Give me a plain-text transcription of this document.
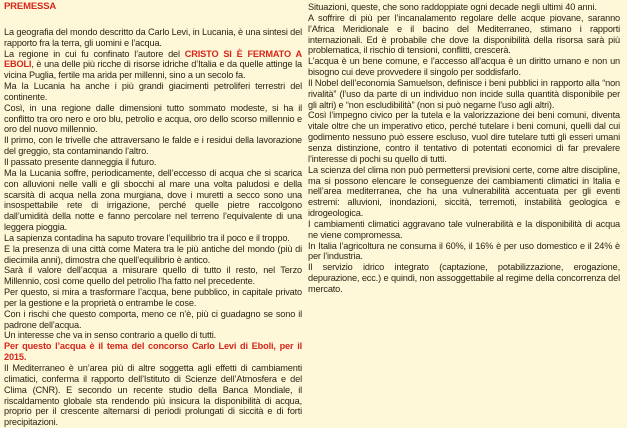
PREMESSA

La geografia del mondo descritto da Carlo Levi, in Lucania, è una sintesi del rapporto fra la terra, gli uomini e l’acqua.

La regione in cui fu confinato l’autore del CRISTO SI È FERMATO A EBOLI, è una delle più ricche di risorse idriche d’Italia e da quelle attinge la vicina Puglia, fertile ma arida per millenni, sino a un secolo fa.

Ma la Lucania ha anche i più grandi giacimenti petroliferi terrestri del continente.

Così, in una regione dalle dimensioni tutto sommato modeste, si ha il conflitto tra oro nero e oro blu, petrolio e acqua, oro dello scorso millennio e oro del nuovo millennio.

Il primo, con le trivelle che attraversano le falde e i residui della lavorazione del greggio, sta contaminando l’altro.

Il passato presente danneggia il futuro.

Ma la Lucania soffre, periodicamente, dell’eccesso di acqua che si scarica con alluvioni nelle valli e gli sbocchi al mare una volta paludosi e della scarsità di acqua nella zona murgiana, dove i muretti a secco sono una insospettabile rete di irrigazione, perché quelle pietre raccolgono dall’umidità della notte e fanno percolare nel terreno l’equivalente di una leggera pioggia.

La sapienza contadina ha saputo trovare l’equilibrio tra il poco e il troppo.

E la presenza di una città come Matera tra le più antiche del mondo (più di diecimila anni), dimostra che quell’equilibrio è antico.

Sarà il valore dell’acqua a misurare quello di tutto il resto, nel Terzo Millennio, così come quello del petrolio l’ha fatto nel precedente.

Per questo, si mira a trasformare l’acqua, bene pubblico, in capitale privato per la gestione e la proprietà o entrambe le cose.

Con i rischi che questo comporta, meno ce n’è, più ci guadagno se sono il padrone dell’acqua.

Un interesse che va in senso contrario a quello di tutti.

Per questo l’acqua è il tema del concorso Carlo Levi di Eboli, per il 2015.

Il Mediterraneo è un’area più di altre soggetta agli effetti di cambiamenti climatici, conferma il rapporto dell’Istituto di Scienze dell’Atmosfera e del Clima (CNR). E secondo un recente studio della Banca Mondiale, il riscaldamento globale sta rendendo più insicura la disponibilità di acqua, proprio per il crescente alternarsi di periodi prolungati di siccità e di forti precipitazioni.

Situazioni, queste, che sono raddoppiate ogni decade negli ultimi 40 anni.

A soffrire di più per l’incanalamento regolare delle acque piovane, saranno l’Africa Meridionale e il bacino del Mediterraneo, stimano i rapporti internazionali. Ed è probabile che dove la disponibilità della risorsa sarà più problematica, il rischio di tensioni, conflitti, crescerà.

L’acqua è un bene comune, e l’accesso all’acqua è un diritto umano e non un bisogno cui deve provvedere il singolo per soddisfarlo.

Il Nobel dell’economia Samuelson, definisce i beni pubblici in rapporto alla “non rivalità” (l’uso da parte di un individuo non incide sulla quantità disponibile per gli altri) e “non escludibilità” (non si può negarne l’uso agli altri).

Così l’impegno civico per la tutela e la valorizzazione dei beni comuni, diventa vitale oltre che un imperativo etico, perché tutelare i beni comuni, quelli dal cui godimento nessuno può essere escluso, vuol dire tutelare tutti gli esseri umani senza distinzione, contro il tentativo di potentati economici di far prevalere l’interesse di pochi su quello di tutti.

La scienza del clima non può permettersi previsioni certe, come altre discipline, ma si possono elencare le conseguenze dei cambiamenti climatici in Italia e nell’area mediterranea, che ha una vulnerabilità accentuata per gli eventi estremi: alluvioni, inondazioni, siccità, terremoti, instabilità geologica e idrogeologica.

I cambiamenti climatici aggravano tale vulnerabilità e la disponibilità di acqua ne viene compromessa.

In Italia l’agricoltura ne consuma il 60%, il 16% è per uso domestico e il 24% è per l’industria.

Il servizio idrico integrato (captazione, potabilizzazione, erogazione, depurazione, ecc.) e quindi, non assoggettabile al regime della concorrenza del mercato.
